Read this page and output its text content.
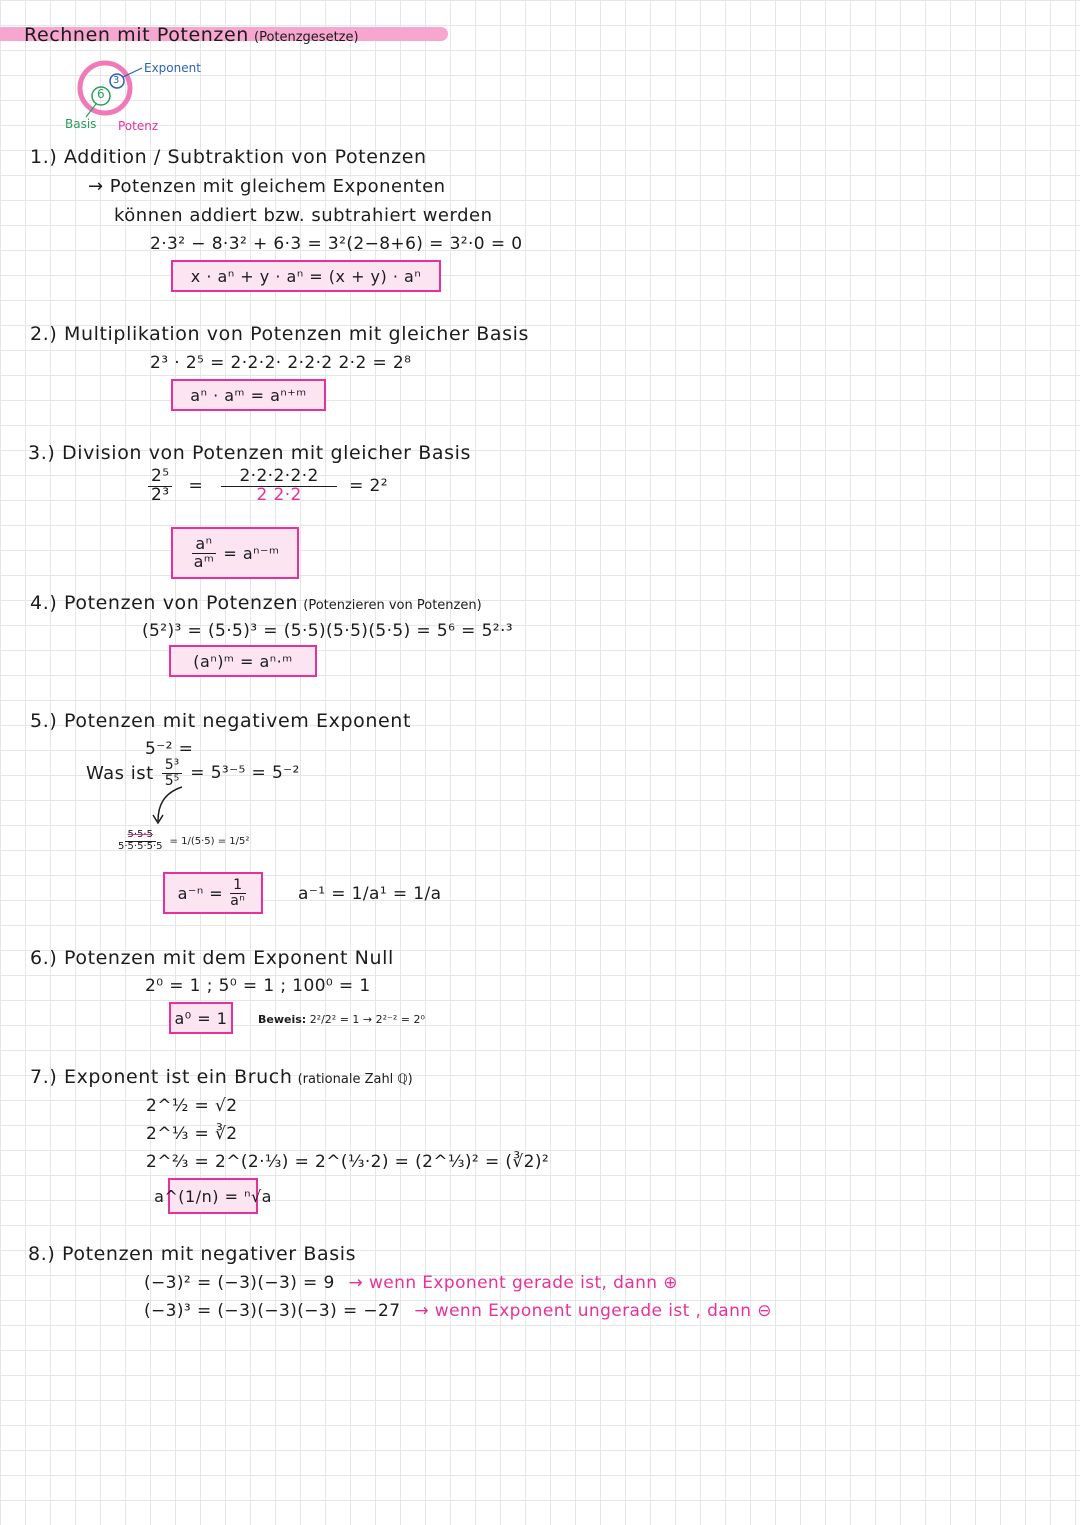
Rechnen mit Potenzen (Potenzgesetze)
6
3
Exponent
Basis Potenz
1.) Addition / Subtraktion von Potenzen
→ Potenzen mit gleichem Exponenten
können addiert bzw. subtrahiert werden
2·3² − 8·3² + 6·3 = 3²(2−8+6) = 3²·0 = 0
x · aⁿ + y · aⁿ = (x + y) · aⁿ
2.) Multiplikation von Potenzen mit gleicher Basis
2³ · 2⁵ = 2·2·2· 2·2·2 2·2 = 2⁸
aⁿ · aᵐ = aⁿ⁺ᵐ
3.) Division von Potenzen mit gleicher Basis
$\frac{\text{2⁵}}{\text{2³}} = \frac{2\cdot 2\cdot 2\cdot 2\cdot 2}{2 2\cdot 2} = 2^2$
$\frac{\text{aⁿ}}{\text{aᵐ}}$ = aⁿ⁻ᵐ
4.) Potenzen von Potenzen (Potenzieren von Potenzen)
(5²)³ = (5·5)³ = (5·5)(5·5)(5·5) = 5⁶ = 5²·³
(aⁿ)ᵐ = aⁿ·ᵐ
5.) Potenzen mit negativem Exponent
5⁻² =
Was ist $\frac{\text{5³}}{\text{5⁵}} = 5^{3-5} = 5^{-2}$
$\frac{5\cdot 5\cdot 5}{5\cdot 5\cdot 5\cdot 5\cdot 5} = 1/(5\cdot 5) = 1/5^2$
$a^{-n} = \frac{1}{\text{aⁿ}}$	a⁻¹ = 1/a¹ = 1/a
6.) Potenzen mit dem Exponent Null
2⁰ = 1 ; 5⁰ = 1 ; 100⁰ = 1
a⁰ = 1	Beweis: 2²/2² = 1 → 2²⁻² = 2⁰
7.) Exponent ist ein Bruch (rationale Zahl ℚ)
2^½ = √2
2^⅓ = ∛2
2^⅔ = 2^(2·⅓) = 2^(⅓·2) = (2^⅓)² = (∛2)²
a^(1/n) = ⁿ√a
8.) Potenzen mit negativer Basis
(−3)² = (−3)(−3) = 9 → wenn Exponent gerade ist, dann ⊕
(−3)³ = (−3)(−3)(−3) = −27 → wenn Exponent ungerade ist , dann ⊖
